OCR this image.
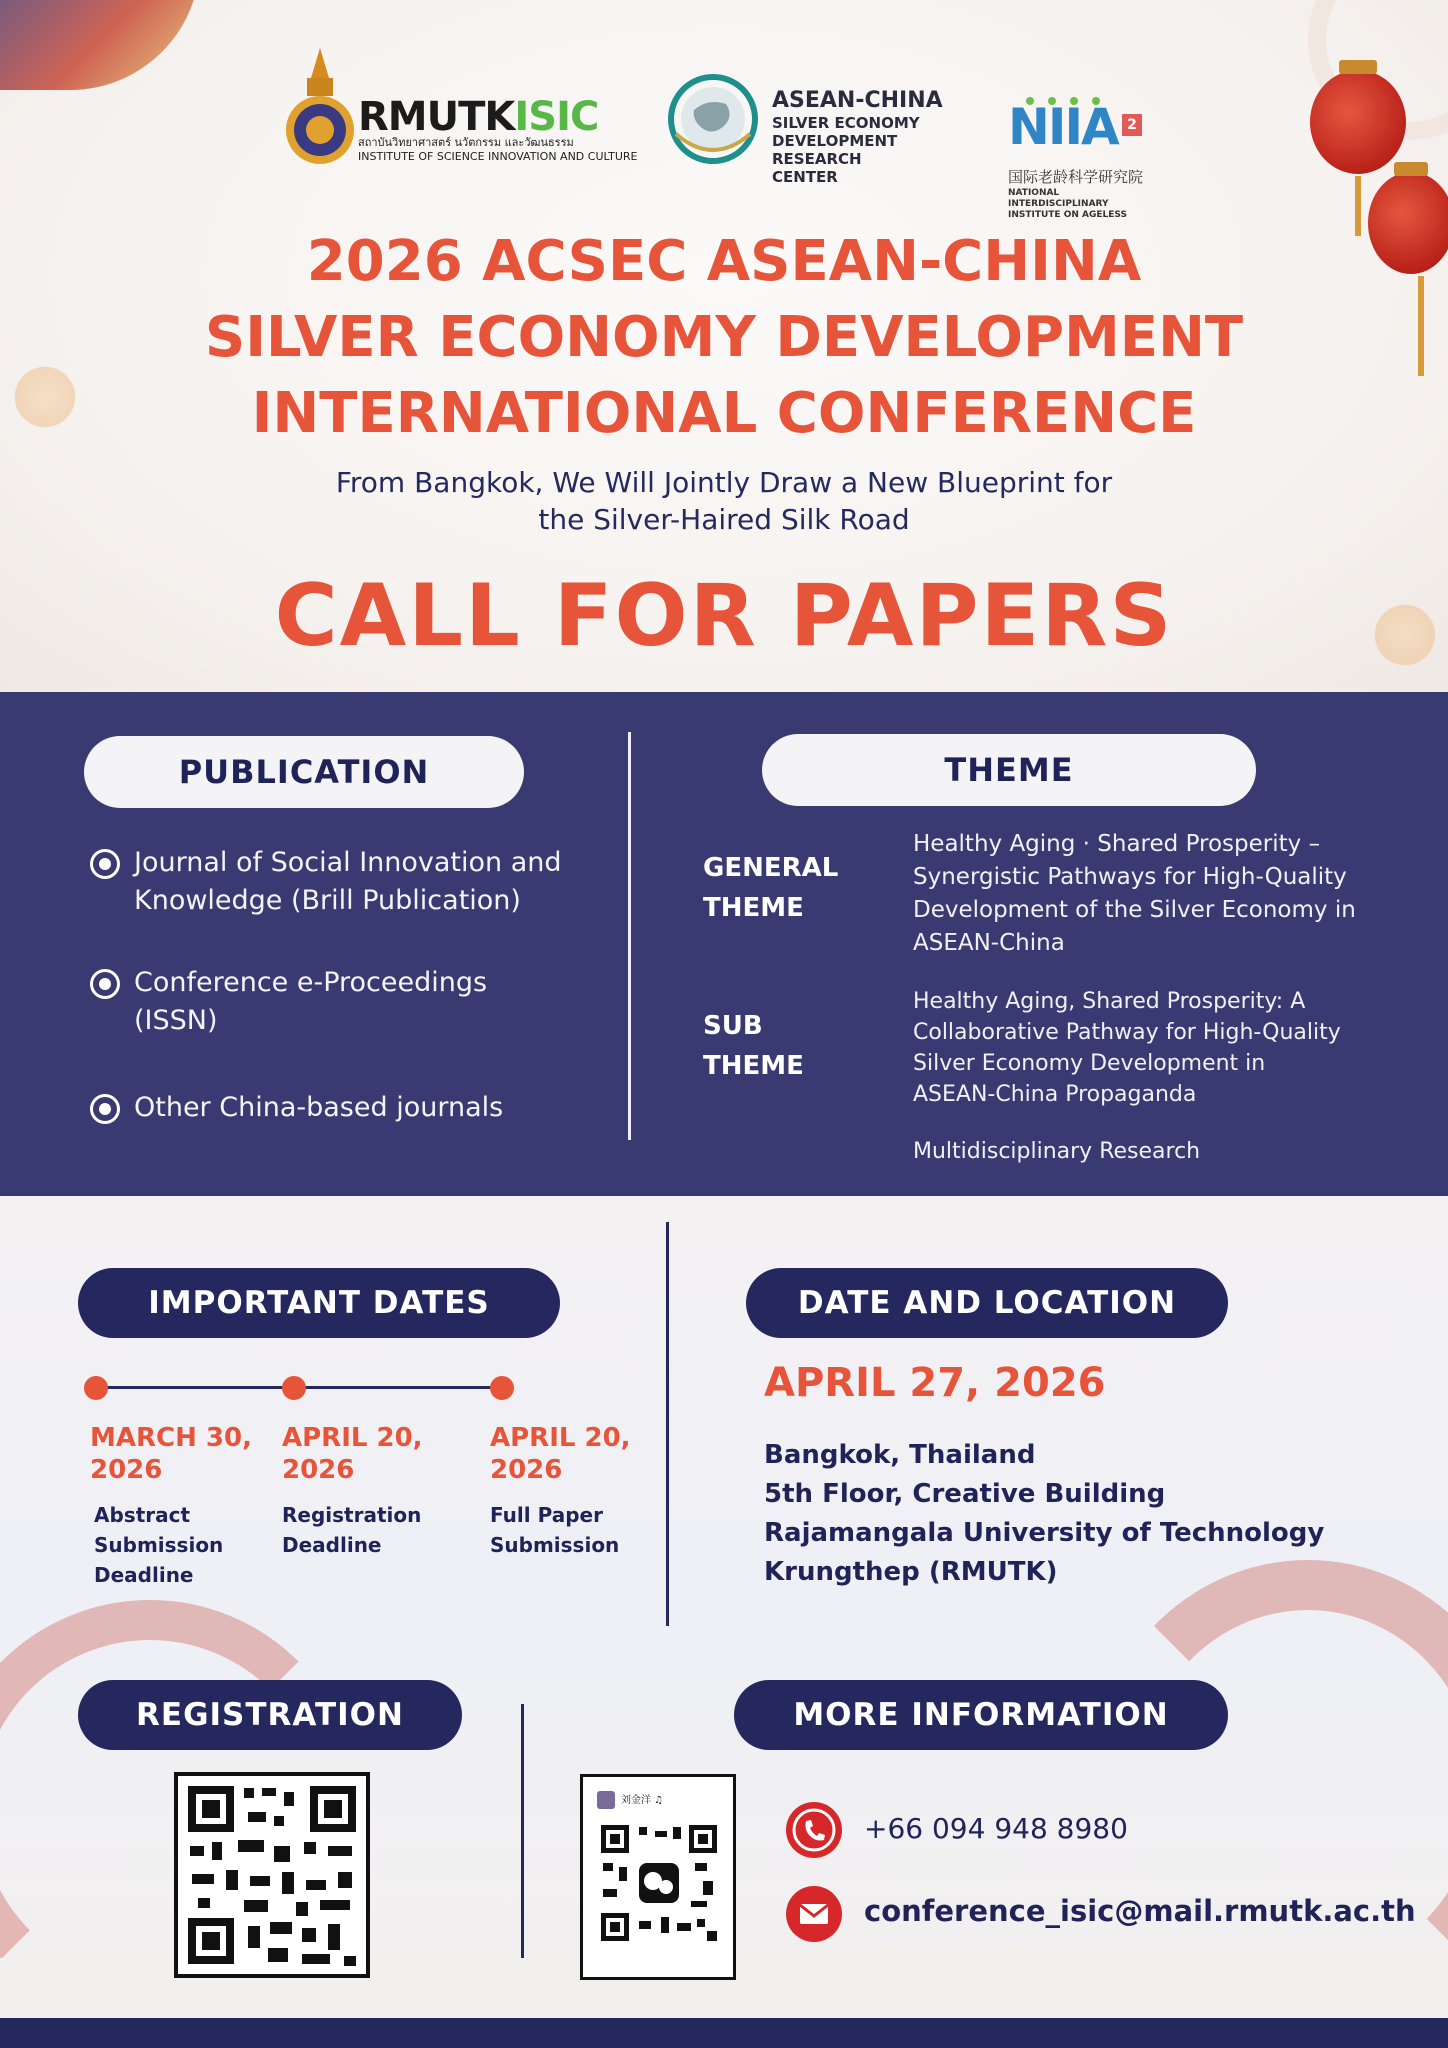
RMUTKISIC
สถาบันวิทยาศาสตร์ นวัตกรรม และวัฒนธรรม
INSTITUTE OF SCIENCE INNOVATION AND CULTURE
ASEAN-CHINA
SILVER ECONOMY
DEVELOPMENT RESEARCH
CENTER
NIIA 2
国际老龄科学研究院
NATIONAL INTERDISCIPLINARY
INSTITUTE ON AGELESS
2026 ACSEC ASEAN-CHINA
SILVER ECONOMY DEVELOPMENT
INTERNATIONAL CONFERENCE
From Bangkok, We Will Jointly Draw a New Blueprint for
the Silver-Haired Silk Road
CALL FOR PAPERS
PUBLICATION	THEME
Journal of Social Innovation and
Knowledge (Brill Publication)
Conference e-Proceedings
(ISSN)
Other China-based journals
GENERAL
THEME
Healthy Aging · Shared Prosperity –
Synergistic Pathways for High-Quality
Development of the Silver Economy in
ASEAN-China
SUB
THEME
Healthy Aging, Shared Prosperity: A
Collaborative Pathway for High-Quality
Silver Economy Development in
ASEAN-China Propaganda
Multidisciplinary Research
IMPORTANT DATES
MARCH 30,
2026
Abstract
Submission
Deadline
APRIL 20,
2026
Registration
Deadline
APRIL 20,
2026
Full Paper
Submission
DATE AND LOCATION
APRIL 27, 2026
Bangkok, Thailand
5th Floor, Creative Building
Rajamangala University of Technology
Krungthep (RMUTK)
REGISTRATION	MORE INFORMATION
刘金洋 ♫
+66 094 948 8980
conference_isic@mail.rmutk.ac.th
